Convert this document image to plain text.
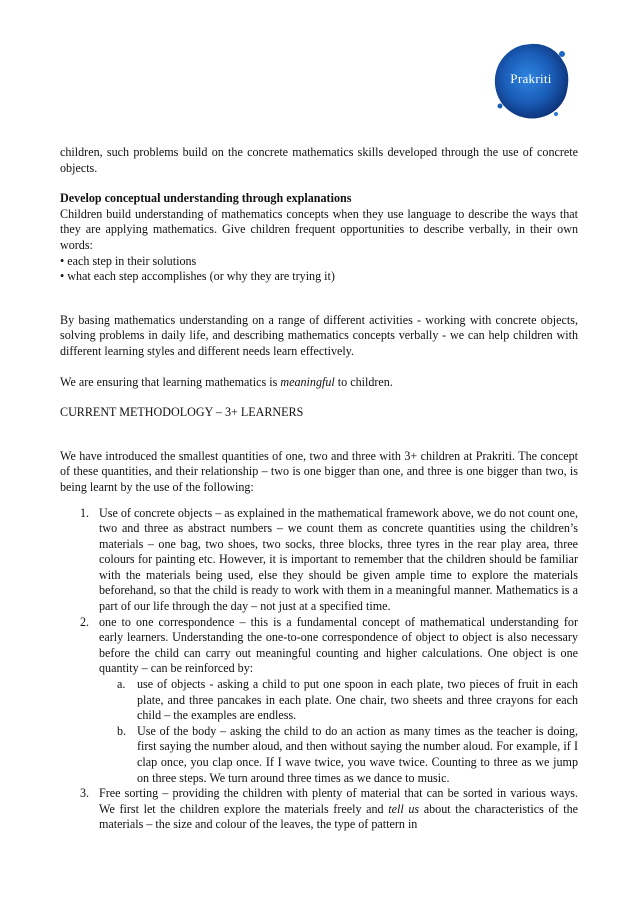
Prakriti

children, such problems build on the concrete mathematics skills developed through the use of concrete objects.

Develop conceptual understanding through explanations

Children build understanding of mathematics concepts when they use language to describe the ways that they are applying mathematics. Give children frequent opportunities to describe verbally, in their own words:

• each step in their solutions
• what each step accomplishes (or why they are trying it)

By basing mathematics understanding on a range of different activities - working with concrete objects, solving problems in daily life, and describing mathematics concepts verbally - we can help children with different learning styles and different needs learn effectively.

We are ensuring that learning mathematics is meaningful to children.

CURRENT METHODOLOGY – 3+ LEARNERS

We have introduced the smallest quantities of one, two and three with 3+ children at Prakriti. The concept of these quantities, and their relationship – two is one bigger than one, and three is one bigger than two, is being learnt by the use of the following:

1. Use of concrete objects – as explained in the mathematical framework above, we do not count one, two and three as abstract numbers – we count them as concrete quantities using the children’s materials – one bag, two shoes, two socks, three blocks, three tyres in the rear play area, three colours for painting etc. However, it is important to remember that the children should be familiar with the materials being used, else they should be given ample time to explore the materials beforehand, so that the child is ready to work with them in a meaningful manner. Mathematics is a part of our life through the day – not just at a specified time.
2. one to one correspondence – this is a fundamental concept of mathematical understanding for early learners. Understanding the one-to-one correspondence of object to object is also necessary before the child can carry out meaningful counting and higher calculations. One object is one quantity – can be reinforced by:
a. use of objects - asking a child to put one spoon in each plate, two pieces of fruit in each plate, and three pancakes in each plate. One chair, two sheets and three crayons for each child – the examples are endless.
b. Use of the body – asking the child to do an action as many times as the teacher is doing, first saying the number aloud, and then without saying the number aloud. For example, if I clap once, you clap once. If I wave twice, you wave twice. Counting to three as we jump on three steps. We turn around three times as we dance to music.
3. Free sorting – providing the children with plenty of material that can be sorted in various ways. We first let the children explore the materials freely and tell us about the characteristics of the materials – the size and colour of the leaves, the type of pattern in
